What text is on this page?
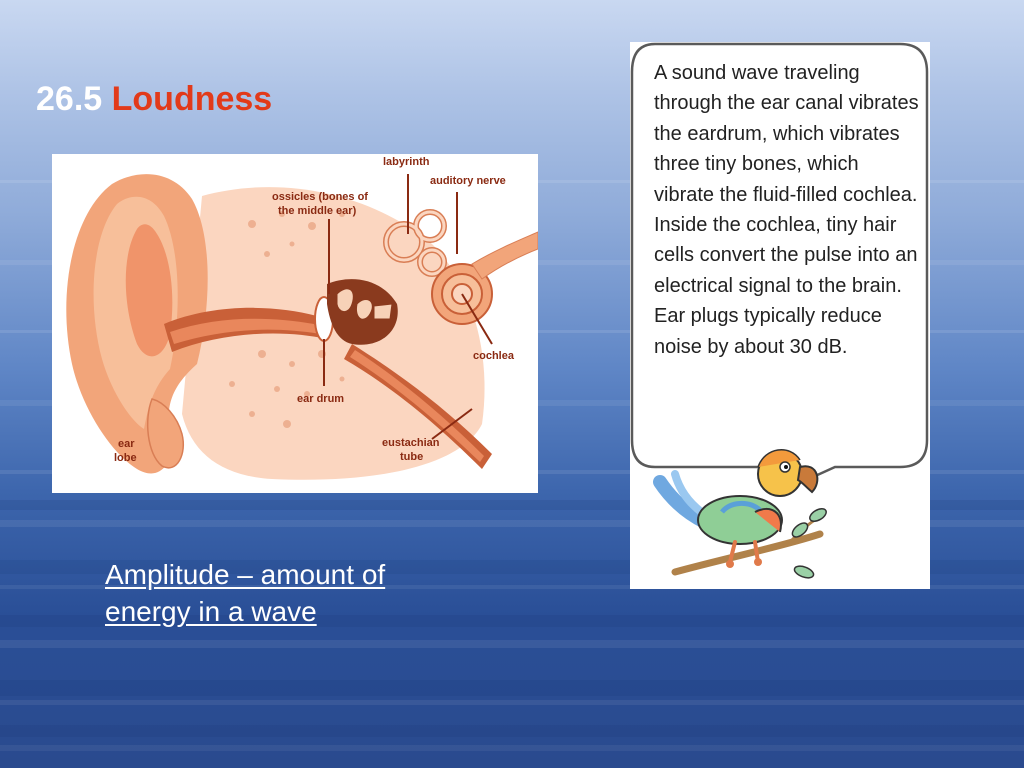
26.5 Loudness
labyrinth
auditory nerve
ossicles (bones of
the middle ear)
cochlea
ear drum
ear
lobe
eustachian
tube
Amplitude – amount of energy in a wave
A sound wave traveling through the ear canal vibrates the eardrum, which vibrates three tiny bones, which vibrate the fluid-filled cochlea. Inside the cochlea, tiny hair cells convert the pulse into an electrical signal to the brain. Ear plugs typically reduce noise by about 30 dB.
